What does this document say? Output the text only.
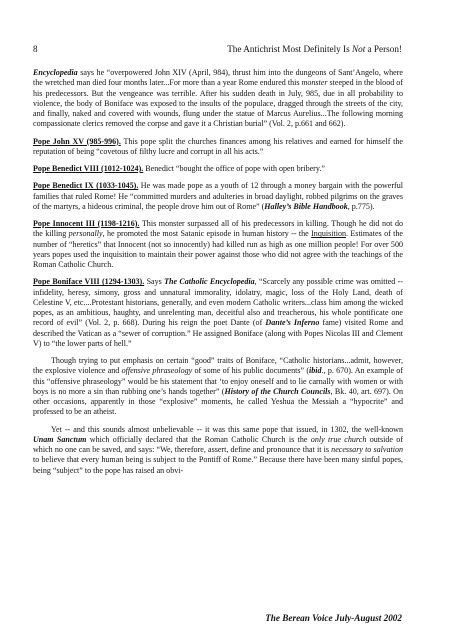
8	The Antichrist Most Definitely Is Not a Person!

Encyclopedia says he “overpowered John XIV (April, 984), thrust him into the dungeons of Sant’Angelo, where the wretched man died four months later...For more than a year Rome endured this monster steeped in the blood of his predecessors. But the vengeance was terrible. After his sudden death in July, 985, due in all probability to violence, the body of Boniface was exposed to the insults of the populace, dragged through the streets of the city, and finally, naked and covered with wounds, flung under the statue of Marcus Aurelius...The following morning compassionate clerics removed the corpse and gave it a Christian burial” (Vol. 2, p.661 and 662).

Pope John XV (985-996). This pope split the churches finances among his relatives and earned for himself the reputation of being “covetous of filthy lucre and corrupt in all his acts.”

Pope Benedict VIII (1012-1024). Benedict “bought the office of pope with open bribery.”

Pope Benedict IX (1033-1045). He was made pope as a youth of 12 through a money bargain with the powerful families that ruled Rome! He “committed murders and adulteries in broad daylight, robbed pilgrims on the graves of the martyrs, a hideous criminal, the people drove him out of Rome” (Halley’s Bible Handbook, p.775).

Pope Innocent III (1198-1216). This monster surpassed all of his predecessors in killing. Though he did not do the killing personally, he promoted the most Satanic episode in human history -- the Inquisition. Estimates of the number of “heretics” that Innocent (not so innocently) had killed run as high as one million people! For over 500 years popes used the inquisition to maintain their power against those who did not agree with the teachings of the Roman Catholic Church.

Pope Boniface VIII (1294-1303). Says The Catholic Encyclopedia, “Scarcely any possible crime was omitted -- infidelity, heresy, simony, gross and unnatural immorality, idolatry, magic, loss of the Holy Land, death of Celestine V, etc....Protestant historians, generally, and even modern Catholic writers...class him among the wicked popes, as an ambitious, haughty, and unrelenting man, deceitful also and treacherous, his whole pontificate one record of evil” (Vol. 2, p. 668). During his reign the poet Dante (of Dante’s Inferno fame) visited Rome and described the Vatican as a “sewer of corruption.” He assigned Boniface (along with Popes Nicolas III and Clement V) to “the lower parts of hell.”

Though trying to put emphasis on certain “good” traits of Boniface, “Catholic historians...admit, however, the explosive violence and offensive phraseology of some of his public documents” (ibid., p. 670). An example of this “offensive phraseology” would be his statement that ‘to enjoy oneself and to lie carnally with women or with boys is no more a sin than rubbing one’s hands together” (History of the Church Councils, Bk. 40, art. 697). On other occasions, apparently in those “explosive” moments, he called Yeshua the Messiah a “hypocrite” and professed to be an atheist.

Yet -- and this sounds almost unbelievable -- it was this same pope that issued, in 1302, the well-known Unam Sanctum which officially declared that the Roman Catholic Church is the only true church outside of which no one can be saved, and says: “We, therefore, assert, define and pronounce that it is necessary to salvation to believe that every human being is subject to the Pontiff of Rome.” Because there have been many sinful popes, being “subject” to the pope has raised an obvi-

The Berean Voice July-August 2002
